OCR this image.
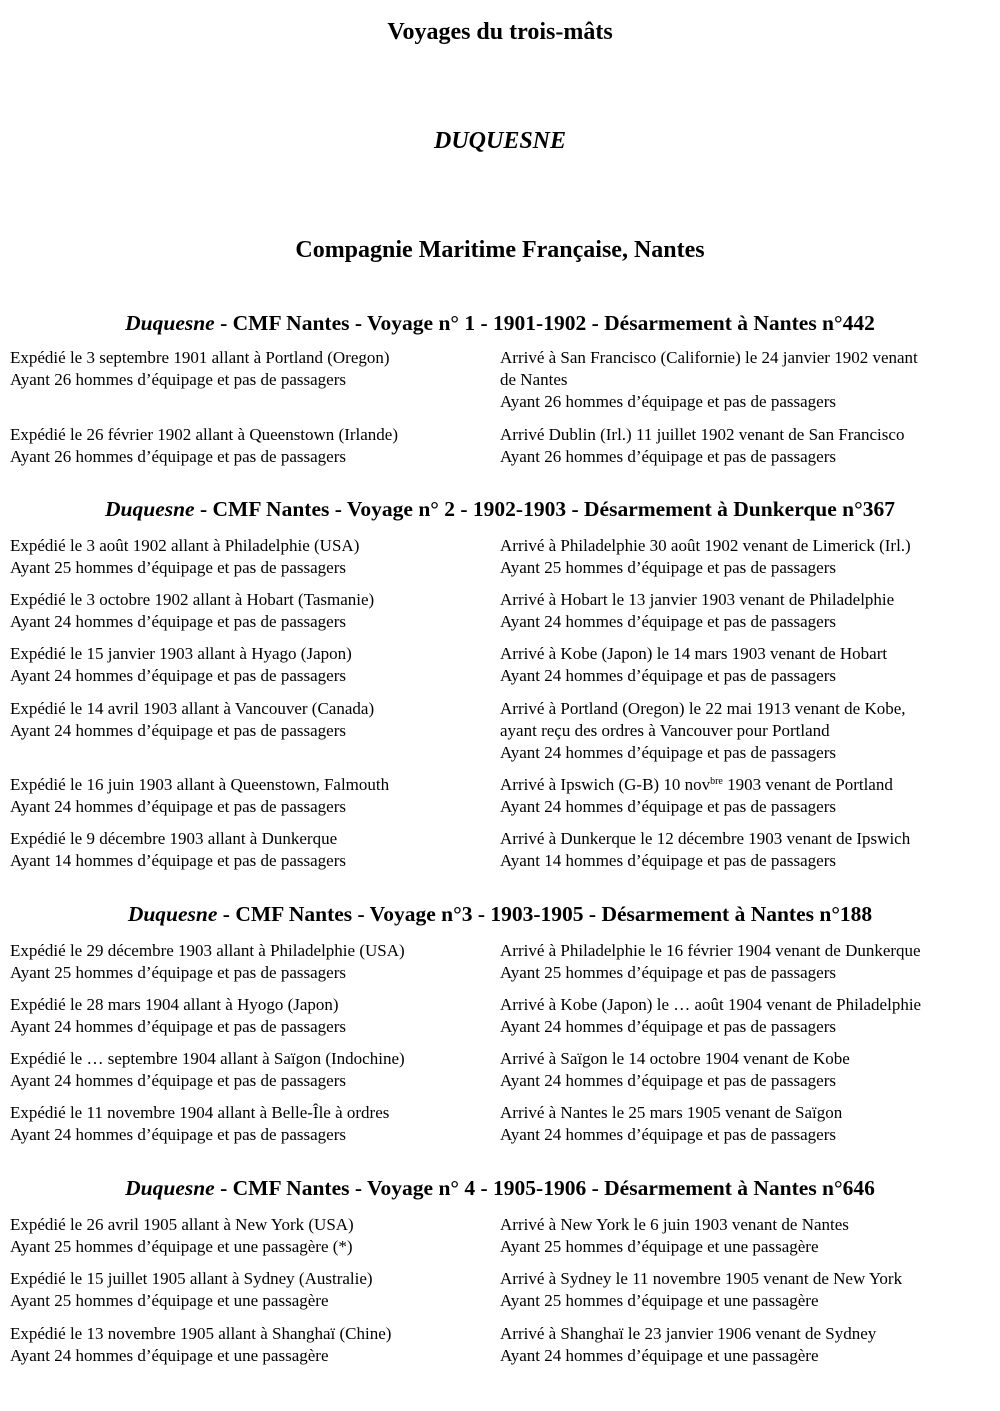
Voyages du trois-mâts
DUQUESNE
Compagnie Maritime Française, Nantes
Duquesne - CMF Nantes - Voyage n° 1 - 1901-1902 - Désarmement à Nantes n°442
Expédié le 3 septembre 1901 allant à Portland (Oregon)
Ayant 26 hommes d’équipage et pas de passagers
Arrivé à San Francisco (Californie) le 24 janvier 1902 venant
de Nantes
Ayant 26 hommes d’équipage et pas de passagers
Expédié le 26 février 1902 allant à Queenstown (Irlande)
Ayant 26 hommes d’équipage et pas de passagers
Arrivé Dublin (Irl.) 11 juillet 1902 venant de San Francisco
Ayant 26 hommes d’équipage et pas de passagers
Duquesne - CMF Nantes - Voyage n° 2 - 1902-1903 - Désarmement à Dunkerque n°367
Expédié le 3 août 1902 allant à Philadelphie (USA)
Ayant 25 hommes d’équipage et pas de passagers
Arrivé à Philadelphie 30 août 1902 venant de Limerick (Irl.)
Ayant 25 hommes d’équipage et pas de passagers
Expédié le 3 octobre 1902 allant à Hobart (Tasmanie)
Ayant 24 hommes d’équipage et pas de passagers
Arrivé à Hobart le 13 janvier 1903 venant de Philadelphie
Ayant 24 hommes d’équipage et pas de passagers
Expédié le 15 janvier 1903 allant à Hyago (Japon)
Ayant 24 hommes d’équipage et pas de passagers
Arrivé à Kobe (Japon) le 14 mars 1903 venant de Hobart
Ayant 24 hommes d’équipage et pas de passagers
Expédié le 14 avril 1903 allant à Vancouver (Canada)
Ayant 24 hommes d’équipage et pas de passagers
Arrivé à Portland (Oregon) le 22 mai 1913 venant de Kobe,
ayant reçu des ordres à Vancouver pour Portland
Ayant 24 hommes d’équipage et pas de passagers
Expédié le 16 juin 1903 allant à Queenstown, Falmouth
Ayant 24 hommes d’équipage et pas de passagers
Arrivé à Ipswich (G-B) 10 nov$^{bre}$ 1903 venant de Portland
Ayant 24 hommes d’équipage et pas de passagers
Expédié le 9 décembre 1903 allant à Dunkerque
Ayant 14 hommes d’équipage et pas de passagers
Arrivé à Dunkerque le 12 décembre 1903 venant de Ipswich
Ayant 14 hommes d’équipage et pas de passagers
Duquesne - CMF Nantes - Voyage n°3 - 1903-1905 - Désarmement à Nantes n°188
Expédié le 29 décembre 1903 allant à Philadelphie (USA)
Ayant 25 hommes d’équipage et pas de passagers
Arrivé à Philadelphie le 16 février 1904 venant de Dunkerque
Ayant 25 hommes d’équipage et pas de passagers
Expédié le 28 mars 1904 allant à Hyogo (Japon)
Ayant 24 hommes d’équipage et pas de passagers
Arrivé à Kobe (Japon) le … août 1904 venant de Philadelphie
Ayant 24 hommes d’équipage et pas de passagers
Expédié le … septembre 1904 allant à Saïgon (Indochine)
Ayant 24 hommes d’équipage et pas de passagers
Arrivé à Saïgon le 14 octobre 1904 venant de Kobe
Ayant 24 hommes d’équipage et pas de passagers
Expédié le 11 novembre 1904 allant à Belle-Île à ordres
Ayant 24 hommes d’équipage et pas de passagers
Arrivé à Nantes le 25 mars 1905 venant de Saïgon
Ayant 24 hommes d’équipage et pas de passagers
Duquesne - CMF Nantes - Voyage n° 4 - 1905-1906 - Désarmement à Nantes n°646
Expédié le 26 avril 1905 allant à New York (USA)
Ayant 25 hommes d’équipage et une passagère (*)
Arrivé à New York le 6 juin 1903 venant de Nantes
Ayant 25 hommes d’équipage et une passagère
Expédié le 15 juillet 1905 allant à Sydney (Australie)
Ayant 25 hommes d’équipage et une passagère
Arrivé à Sydney le 11 novembre 1905 venant de New York
Ayant 25 hommes d’équipage et une passagère
Expédié le 13 novembre 1905 allant à Shanghaï (Chine)
Ayant 24 hommes d’équipage et une passagère
Arrivé à Shanghaï le 23 janvier 1906 venant de Sydney
Ayant 24 hommes d’équipage et une passagère
